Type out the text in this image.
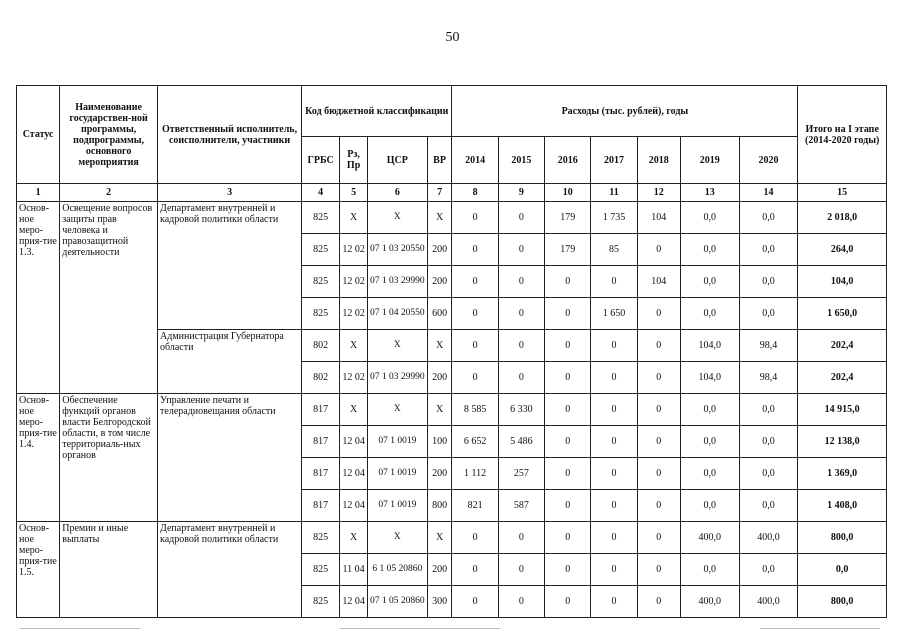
50
Статус	Наименование государствен-ной программы, подпрограммы, основного мероприятия	Ответственный исполнитель, соисполнители, участники	Код бюджетной классификации				Расходы (тыс. рублей), годы							Итого на I этапе (2014-2020 годы)
			ГРБС	Рз, Пр	ЦСР	ВР	2014	2015	2016	2017	2018	2019	2020	
1	2	3	4	5	6	7	8	9	10	11	12	13	14	15
Основ-ное меро-прия-тие 1.3.	Освещение вопросов защиты прав человека и правозащитной деятельности	Департамент внутренней и кадровой политики области	825	Х	Х	Х	0	0	179	1 735	104	0,0	0,0	2 018,0
			825	12 02	07 1 03 20550	200	0	0	179	85	0	0,0	0,0	264,0
			825	12 02	07 1 03 29990	200	0	0	0	0	104	0,0	0,0	104,0
			825	12 02	07 1 04 20550	600	0	0	0	1 650	0	0,0	0,0	1 650,0
		Администрация Губернатора области	802	Х	Х	Х	0	0	0	0	0	104,0	98,4	202,4
			802	12 02	07 1 03 29990	200	0	0	0	0	0	104,0	98,4	202,4
Основ-ное меро-прия-тие 1.4.	Обеспечение функций органов власти Белгородской области, в том числе территориаль-ных органов	Управление печати и телерадиовещания области	817	Х	Х	Х	8 585	6 330	0	0	0	0,0	0,0	14 915,0
			817	12 04	07 1 0019	100	6 652	5 486	0	0	0	0,0	0,0	12 138,0
			817	12 04	07 1 0019	200	1 112	257	0	0	0	0,0	0,0	1 369,0
			817	12 04	07 1 0019	800	821	587	0	0	0	0,0	0,0	1 408,0
Основ-ное меро-прия-тие 1.5.	Премии и иные выплаты	Департамент внутренней и кадровой политики области	825	Х	Х	Х	0	0	0	0	0	400,0	400,0	800,0
			825	11 04	6 1 05 20860	200	0	0	0	0	0	0,0	0,0	0,0
			825	12 04	07 1 05 20860	300	0	0	0	0	0	400,0	400,0	800,0
